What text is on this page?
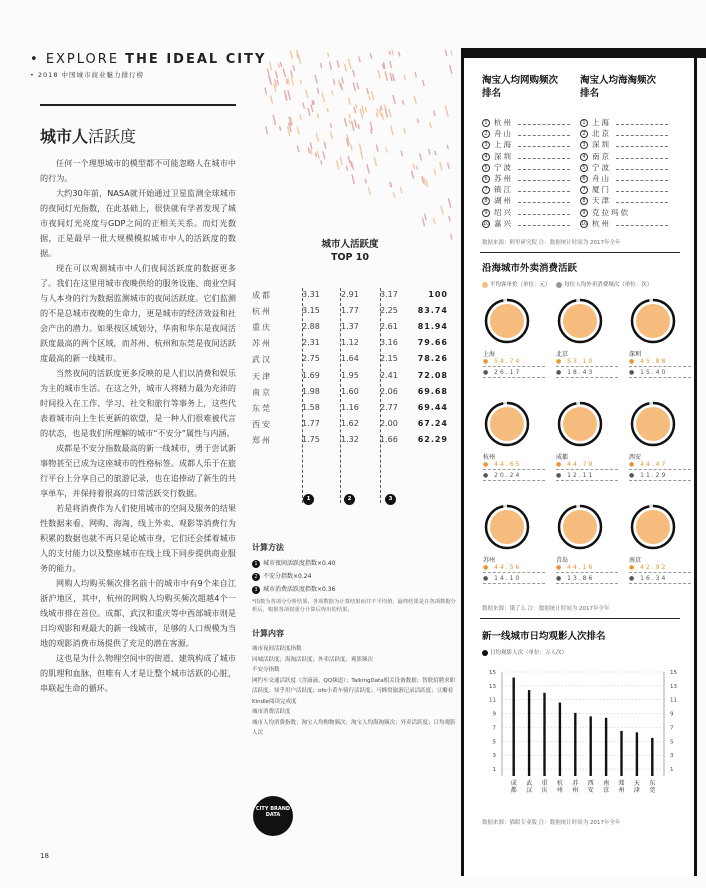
• EXPLORE THE IDEAL CITY
• 2018 中国城市商业魅力排行榜
城市人活跃度

任何一个理想城市的模型都不可能忽略人在城市中的行为。

大约30年前，NASA就开始通过卫星监测全球城市的夜间灯光指数，在此基础上，很快就有学者发现了城市夜间灯光亮度与GDP之间的正相关关系。而灯光数据，正是最早一批大规模模拟城市中人的活跃度的数据。

现在可以观测城市中人们夜间活跃度的数据更多了。我们在这里用城市夜晚供给的服务设施、商业空间与人本身的行为数据监测城市的夜间活跃度。它们监测的不是总城市夜晚的生命力，更是城市的经济效益和社会产出的潜力。如果按区域划分，华南和华东是夜间活跃度最高的两个区域，而苏州、杭州和东莞是夜间活跃度最高的新一线城市。

当然夜间的活跃度更多反映的是人们以消费和娱乐为主的城市生活。在这之外，城市人将精力最为充沛的时间投入在工作、学习、社交和旅行等事务上，这些代表着城市向上生长更新的欲望，是一种人们很难被代言的状态，也是我们所理解的城市“不安分”属性与内涵。

成都是不安分指数最高的新一线城市，勇于尝试新事物甚至已成为这座城市的性格标签。成都人乐于在旅行平台上分享自己的旅游记录，也在追捧动了新生的共享单车，并保持着很高的日常活跃交行数据。

若是将消费作为人们使用城市的空间及服务的结果性数据来看，网购、海淘、线上外卖、观影等消费行为积累的数据也就不再只是论城市身，它们还会揉着城市人的支付能力以及整座城市在线上线下同步提供商业服务的能力。

网购人均购买频次排名前十的城市中有9个来自江浙沪地区，其中，杭州的网购人均购买频次超越4个一线城市排在首位。成都、武汉和重庆等中西部城市则是日均观影和观最大的新一线城市，足够的人口规模为当地的观影消费市场提供了充足的潜在客源。

这也是为什么物理空间中的街道、建筑构成了城市的肌理和血脉，但唯有人才是让整个城市活跃的心脏，串联起生命的循环。

18
城市人活跃度
TOP 10
成都	3.31	2.91	3.17	100
杭州	3.15	1.77	2.25	83.74
重庆	2.88	1.37	2.61	81.94
苏州	2.31	1.12	3.16	79.66
武汉	2.75	1.64	2.15	78.26
天津	1.69	1.95	2.41	72.08
南京	1.98	1.60	2.06	69.68
东莞	1.58	1.16	2.77	69.44
西安	1.77	1.62	2.00	67.24
郑州	1.75	1.32	1.66	62.29
1	2	3
计算方法
1 城市夜间活跃度指数×0.40
2 不安分指数×0.24
3 城市消费活跃度指数×0.36
*指数为各项分分析结果，各项数据为计算结果而并不平均值，最终结果是在各项数据分析后，根据各项权重分计算后得出的结果。
计算内容
城市夜间活跃度指数
同城活跃度；海淘活跃度；外卖活跃度；观影频次
不安分指数
网约车交通活跃度（含滴滴、QQ频道）；TalkingData相关设备数据；智联招聘求职活跃度；知乎用户活跃度；ofo小黄车骑行活跃度；马蜂窝旅游记录活跃度；豆瓣看Kindle阅读完成度
城市消费活跃度
城市人均消费指数；淘宝人均购物频次；淘宝人均海淘频次；外卖活跃度；日均观影人次
CITY BRAND DATA
淘宝人均网购频次排名
淘宝人均海淘频次排名
1 杭州
2 舟山
3 上海
4 深圳
5 宁波
6 苏州
7 镇江
8 湖州
9 绍兴
10 嘉兴
1 上海
2 北京
3 深圳
4 南京
5 宁波
6 舟山
7 厦门
8 天津
9 克拉玛依
10 杭州
数据来源：阿里研究院 注：数据统计时间为 2017年全年
沿海城市外卖消费活跃
平均客单价（单位：元）	每位人均外卖消费频次（单位：次）
上海
● 54.74
● 26.17
北京
● 53.10
● 18.43
深圳
● 45.88
● 15.40
杭州
● 44.65
● 20.24
成都
● 44.79
● 12.11
西安
● 44.47
● 11.29
苏州
● 44.56
● 14.10
青岛
● 44.16
● 13.86
南京
● 42.92
● 16.34
数据来源：饿了么 注：数据统计时间为 2017年全年
新一线城市日均观影人次排名
日均观影人次（单位：万人次）
1	1
3	3
5	5
7	7
9	9
11	11
13	13
15	15
成
都
武
汉
重
庆
杭
州
苏
州
西
安
南
京
郑
州
天
津
东
莞
数据来源：猫眼专业版 注：数据统计时间为 2017年全年
